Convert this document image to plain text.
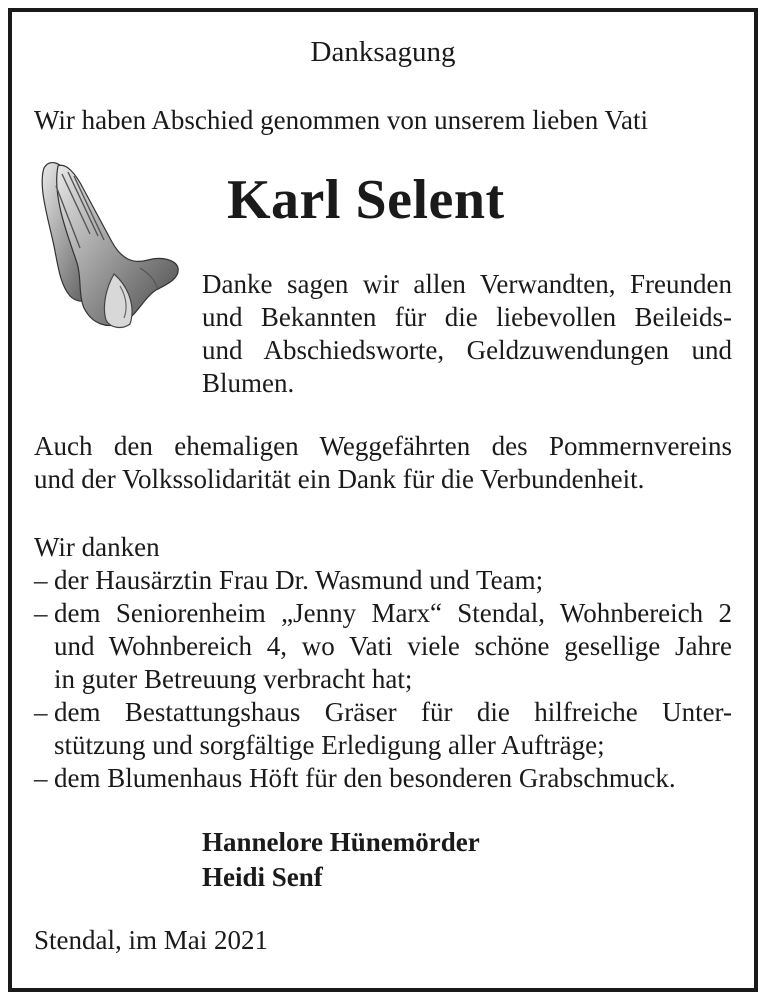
Danksagung
Wir haben Abschied genommen von unserem lieben Vati
Karl Selent
Danke sagen wir allen Verwandten, Freunden
und Bekannten für die liebevollen Beileids-
und Abschiedsworte, Geldzuwendungen und
Blumen.
Auch den ehemaligen Weggefährten des Pommernvereins
und der Volkssolidarität ein Dank für die Verbundenheit.
Wir danken
– der Hausärztin Frau Dr. Wasmund und Team;
– dem Seniorenheim „Jenny Marx“ Stendal, Wohnbereich 2
und Wohnbereich 4, wo Vati viele schöne gesellige Jahre
in guter Betreuung verbracht hat;
– dem Bestattungshaus Gräser für die hilfreiche Unter-
stützung und sorgfältige Erledigung aller Aufträge;
– dem Blumenhaus Höft für den besonderen Grabschmuck.
Hannelore Hünemörder
Heidi Senf
Stendal, im Mai 2021
